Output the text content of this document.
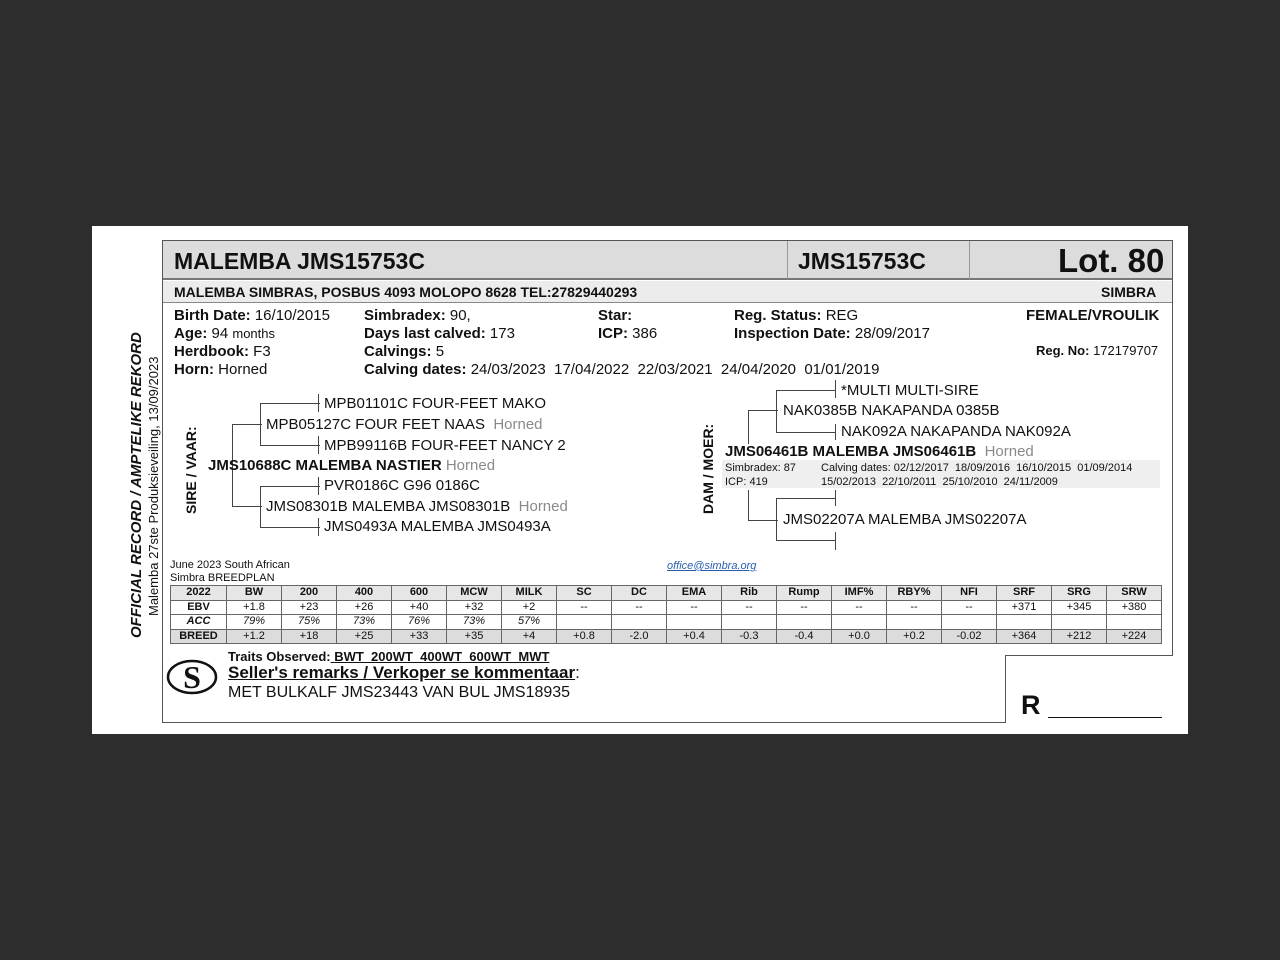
OFFICIAL RECORD / AMPTELIKE REKORD Malemba 27ste Produksieveiling, 13/09/2023
MALEMBA JMS15753C	JMS15753C	Lot. 80
MALEMBA SIMBRAS, POSBUS 4093 MOLOPO 8628 TEL:27829440293	SIMBRA
Birth Date: 16/10/2015
Age: 94 months
Herdbook: F3
Horn: Horned
Simbradex: 90,
Days last calved: 173
Calvings: 5
Calving dates: 24/03/2023  17/04/2022  22/03/2021  24/04/2020  01/01/2019
Star:
ICP: 386
Reg. Status: REG
Inspection Date: 28/09/2017
FEMALE/VROULIK
Reg. No: 172179707
SIRE / VAAR:
MPB01101C FOUR-FEET MAKO
MPB05127C FOUR FEET NAAS Horned
MPB99116B FOUR-FEET NANCY 2
JMS10688C MALEMBA NASTIER Horned
PVR0186C G96 0186C
JMS08301B MALEMBA JMS08301B Horned
JMS0493A MALEMBA JMS0493A
DAM / MOER:
*MULTI MULTI-SIRE
NAK0385B NAKAPANDA 0385B
NAK092A NAKAPANDA NAK092A
JMS06461B MALEMBA JMS06461B Horned
Simbradex: 87
ICP: 419
Calving dates: 02/12/2017  18/09/2016  16/10/2015  01/09/2014
15/02/2013  22/10/2011  25/10/2010  24/11/2009
JMS02207A MALEMBA JMS02207A
June 2023 South African
Simbra BREEDPLAN
office@simbra.org
2022	BW	200	400	600	MCW	MILK	SC	DC	EMA	Rib	Rump	IMF%	RBY%	NFI	SRF	SRG	SRW
EBV	+1.8	+23	+26	+40	+32	+2	--	--	--	--	--	--	--	--	+371	+345	+380
ACC	79%	75%	73%	76%	73%	57%											
BREED	+1.2	+18	+25	+33	+35	+4	+0.8	-2.0	+0.4	-0.3	-0.4	+0.0	+0.2	-0.02	+364	+212	+224
S
Traits Observed: BWT  200WT  400WT  600WT  MWT
Seller's remarks / Verkoper se kommentaar:
MET BULKALF JMS23443 VAN BUL JMS18935	R
